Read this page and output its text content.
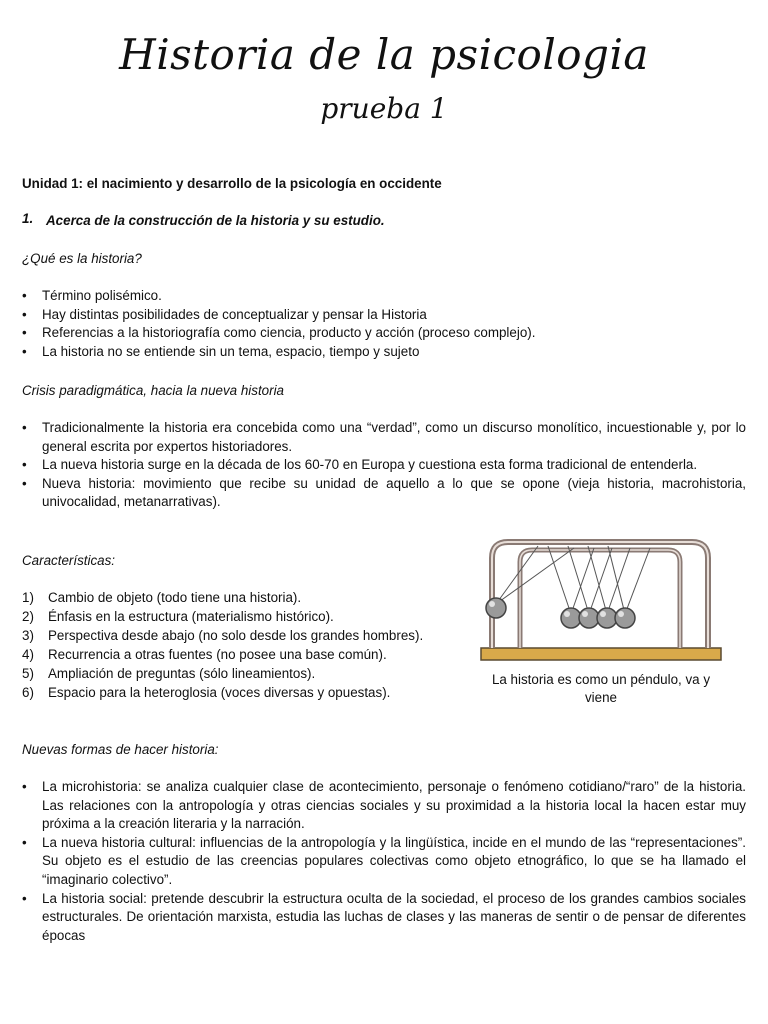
Historia de la psicologia
prueba 1
Unidad 1: el nacimiento y desarrollo de la psicología en occidente
1. Acerca de la construcción de la historia y su estudio.
¿Qué es la historia?
• Término polisémico.
• Hay distintas posibilidades de conceptualizar y pensar la Historia
• Referencias a la historiografía como ciencia, producto y acción (proceso complejo).
• La historia no se entiende sin un tema, espacio, tiempo y sujeto
Crisis paradigmática, hacia la nueva historia
• Tradicionalmente la historia era concebida como una “verdad”, como un discurso monolítico, incuestionable y, por lo general escrita por expertos historiadores.
• La nueva historia surge en la década de los 60-70 en Europa y cuestiona esta forma tradicional de entenderla.
• Nueva historia: movimiento que recibe su unidad de aquello a lo que se opone (vieja historia, macrohistoria, univocalidad, metanarrativas).
Características:
1) Cambio de objeto (todo tiene una historia).
2) Énfasis en la estructura (materialismo histórico).
3) Perspectiva desde abajo (no solo desde los grandes hombres).
4) Recurrencia a otras fuentes (no posee una base común).
5) Ampliación de preguntas (sólo lineamientos).
6) Espacio para la heteroglosia (voces diversas y opuestas).
La historia es como un péndulo, va y viene
Nuevas formas de hacer historia:
• La microhistoria: se analiza cualquier clase de acontecimiento, personaje o fenómeno cotidiano/“raro” de la historia. Las relaciones con la antropología y otras ciencias sociales y su proximidad a la historia local la hacen estar muy próxima a la creación literaria y la narración.
• La nueva historia cultural: influencias de la antropología y la lingüística, incide en el mundo de las “representaciones”. Su objeto es el estudio de las creencias populares colectivas como objeto etnográfico, lo que se ha llamado el “imaginario colectivo”.
• La historia social: pretende descubrir la estructura oculta de la sociedad, el proceso de los grandes cambios sociales estructurales. De orientación marxista, estudia las luchas de clases y las maneras de sentir o de pensar de diferentes épocas
